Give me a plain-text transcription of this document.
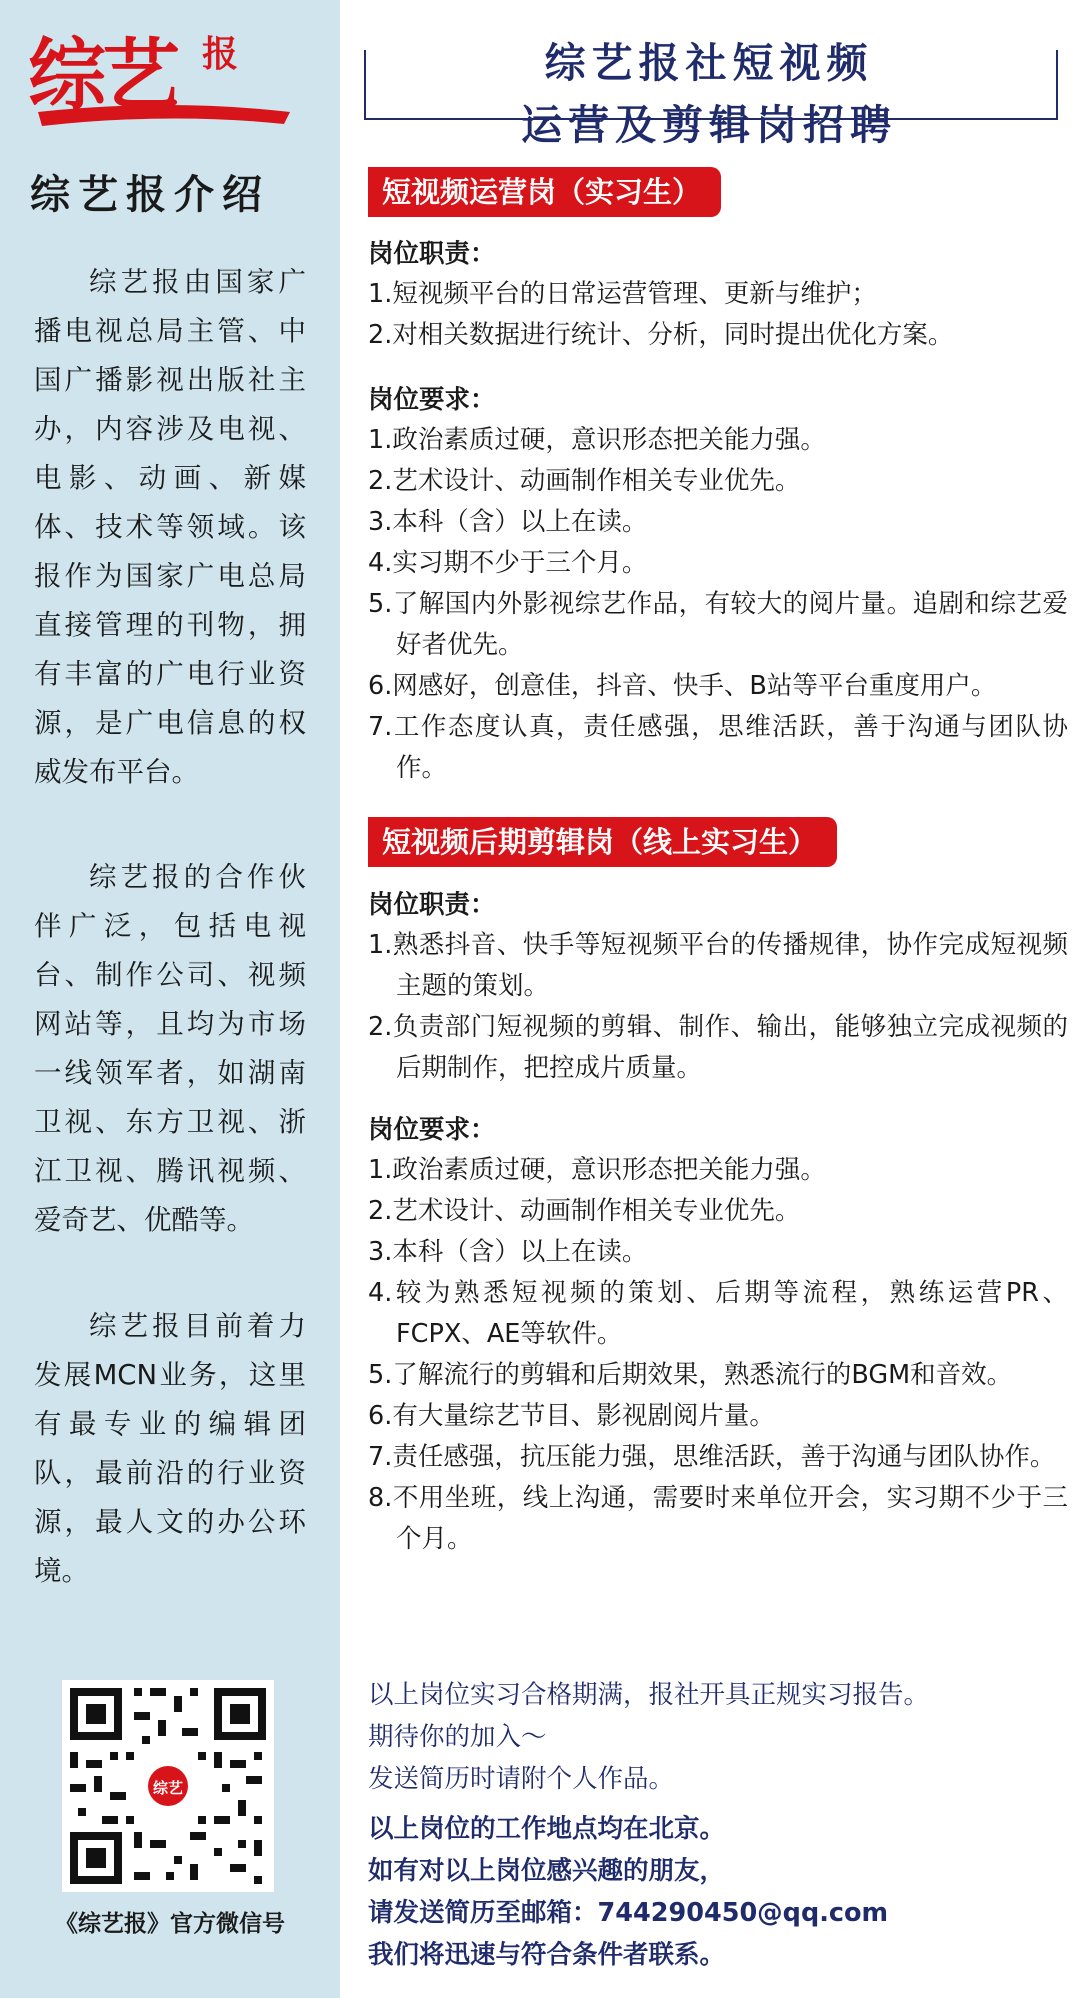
综艺 报
综艺报介绍
综艺报由国家广播电视总局主管、中国广播影视出版社主办，内容涉及电视、电影、动画、新媒体、技术等领域。该报作为国家广电总局直接管理的刊物，拥有丰富的广电行业资源，是广电信息的权威发布平台。
综艺报的合作伙伴广泛，包括电视台、制作公司、视频网站等，且均为市场一线领军者，如湖南卫视、东方卫视、浙江卫视、腾讯视频、爱奇艺、优酷等。
综艺报目前着力发展MCN业务，这里有最专业的编辑团队，最前沿的行业资源，最人文的办公环境。
综艺
《综艺报》官方微信号
综艺报社短视频
运营及剪辑岗招聘
短视频运营岗（实习生）
岗位职责：
1.短视频平台的日常运营管理、更新与维护；
2.对相关数据进行统计、分析，同时提出优化方案。
岗位要求：
1.政治素质过硬，意识形态把关能力强。
2.艺术设计、动画制作相关专业优先。
3.本科（含）以上在读。
4.实习期不少于三个月。
5.了解国内外影视综艺作品，有较大的阅片量。追剧和综艺爱好者优先。
6.网感好，创意佳，抖音、快手、B站等平台重度用户。
7.工作态度认真，责任感强，思维活跃，善于沟通与团队协作。
短视频后期剪辑岗（线上实习生）
岗位职责：
1.熟悉抖音、快手等短视频平台的传播规律，协作完成短视频主题的策划。
2.负责部门短视频的剪辑、制作、输出，能够独立完成视频的后期制作，把控成片质量。
岗位要求：
1.政治素质过硬，意识形态把关能力强。
2.艺术设计、动画制作相关专业优先。
3.本科（含）以上在读。
4.较为熟悉短视频的策划、后期等流程，熟练运营PR、FCPX、AE等软件。
5.了解流行的剪辑和后期效果，熟悉流行的BGM和音效。
6.有大量综艺节目、影视剧阅片量。
7.责任感强，抗压能力强，思维活跃，善于沟通与团队协作。
8.不用坐班，线上沟通，需要时来单位开会，实习期不少于三个月。
以上岗位实习合格期满，报社开具正规实习报告。
期待你的加入～
发送简历时请附个人作品。
以上岗位的工作地点均在北京。
如有对以上岗位感兴趣的朋友，
请发送简历至邮箱：744290450@qq.com
我们将迅速与符合条件者联系。
